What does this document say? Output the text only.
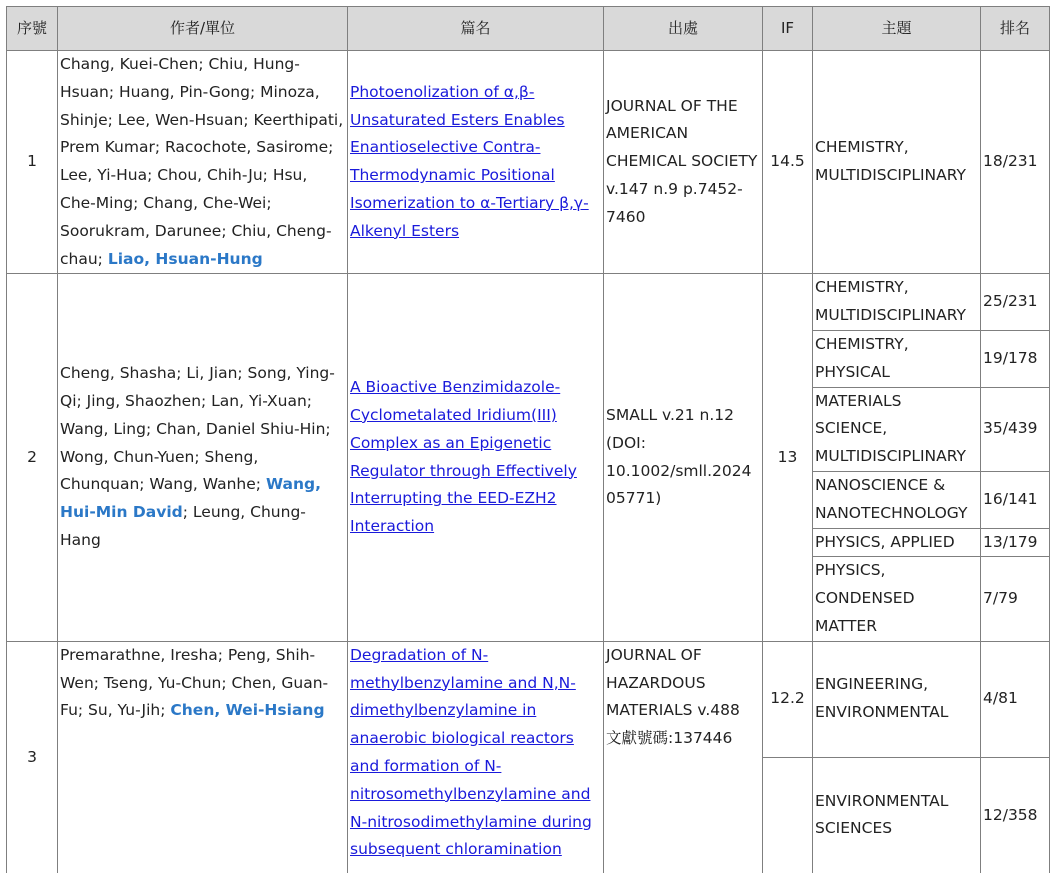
序號	作者/單位	篇名	出處	IF	主題	排名
1	Chang, Kuei-Chen; Chiu, Hung-Hsuan; Huang, Pin-Gong; Minoza, Shinje; Lee, Wen-Hsuan; Keerthipati, Prem Kumar; Racochote, Sasirome; Lee, Yi-Hua; Chou, Chih-Ju; Hsu, Che-Ming; Chang, Che-Wei; Soorukram, Darunee; Chiu, Cheng-chau; Liao, Hsuan-Hung	Photoenolization of α,β-Unsaturated Esters Enables Enantioselective Contra-Thermodynamic Positional Isomerization to α-Tertiary β,γ-Alkenyl Esters	JOURNAL OF THE AMERICAN CHEMICAL SOCIETY v.147 n.9 p.7452-7460	14.5	CHEMISTRY, MULTIDISCIPLINARY	18/231
2	Cheng, Shasha; Li, Jian; Song, Ying-Qi; Jing, Shaozhen; Lan, Yi-Xuan; Wang, Ling; Chan, Daniel Shiu-Hin; Wong, Chun-Yuen; Sheng, Chunquan; Wang, Wanhe; Wang, Hui-Min David; Leung, Chung-Hang	A Bioactive Benzimidazole-Cyclometalated Iridium(III) Complex as an Epigenetic Regulator through Effectively Interrupting the EED-EZH2 Interaction	SMALL v.21 n.12 (DOI: 10.1002/smll.202405771)	13	CHEMISTRY, MULTIDISCIPLINARY	25/231
					CHEMISTRY, PHYSICAL	19/178
					MATERIALS SCIENCE, MULTIDISCIPLINARY	35/439
					NANOSCIENCE & NANOTECHNOLOGY	16/141
					PHYSICS, APPLIED	13/179
					PHYSICS, CONDENSED MATTER	7/79
3	Premarathne, Iresha; Peng, Shih-Wen; Tseng, Yu-Chun; Chen, Guan-Fu; Su, Yu-Jih; Chen, Wei-Hsiang	Degradation of N-methylbenzylamine and N,N-dimethylbenzylamine in anaerobic biological reactors and formation of N-nitrosomethylbenzylamine and N-nitrosodimethylamine during subsequent chloramination	JOURNAL OF HAZARDOUS MATERIALS v.488 文獻號碼:137446	12.2	ENGINEERING, ENVIRONMENTAL	4/81
					ENVIRONMENTAL SCIENCES	12/358
